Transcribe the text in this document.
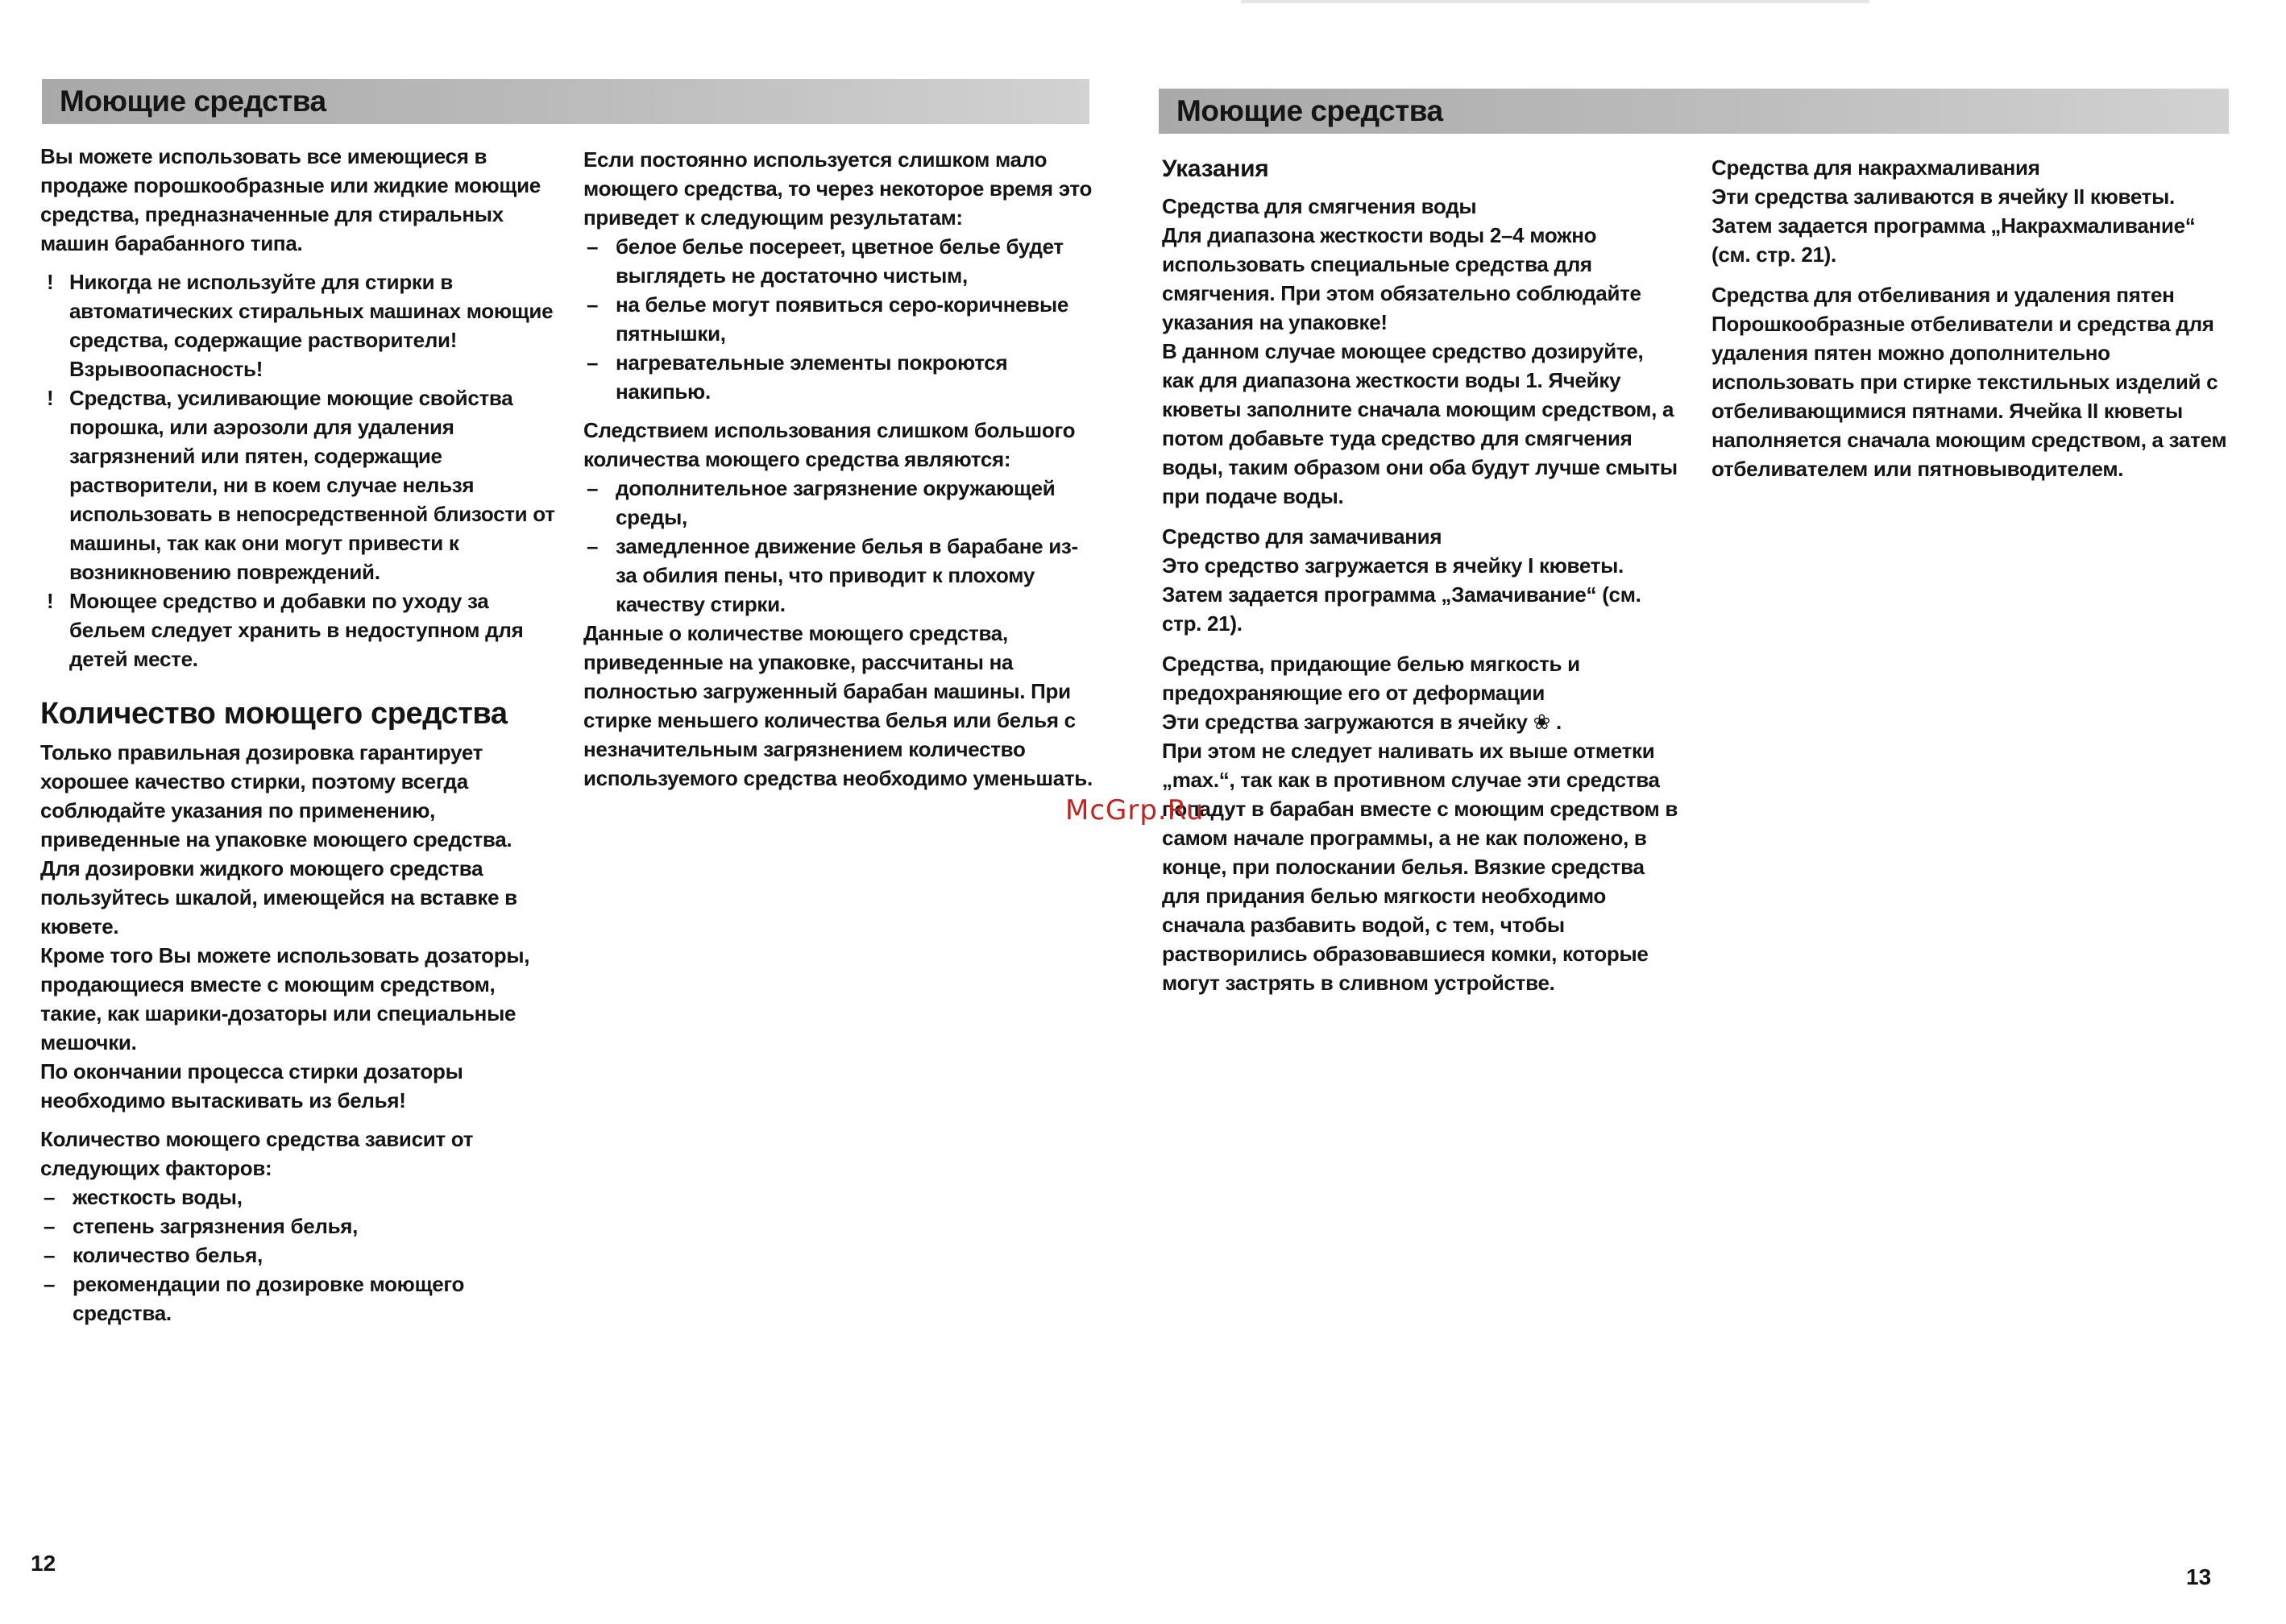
Моющие средства

Вы можете использовать все имеющиеся в продаже порошкообразные или жидкие моющие средства, предназначенные для стиральных машин барабанного типа.

! Никогда не используйте для стирки в автоматических стиральных машинах моющие средства, содержащие растворители! Взрывоопасность!

! Средства, усиливающие моющие свойства порошка, или аэрозоли для удаления загрязнений или пятен, содержащие растворители, ни в коем случае нельзя использовать в непосредственной близости от машины, так как они могут привести к возникновению повреждений.

! Моющее средство и добавки по уходу за бельем следует хранить в недоступном для детей месте.

Количество моющего средства

Только правильная дозировка гарантирует хорошее качество стирки, поэтому всегда соблюдайте указания по применению, приведенные на упаковке моющего средства.

Для дозировки жидкого моющего средства пользуйтесь шкалой, имеющейся на вставке в кювете.

Кроме того Вы можете использовать дозаторы, продающиеся вместе с моющим средством, такие, как шарики-дозаторы или специальные мешочки.

По окончании процесса стирки дозаторы необходимо вытаскивать из белья!

Количество моющего средства зависит от следующих факторов:

– жесткость воды,
– степень загрязнения белья,
– количество белья,
– рекомендации по дозировке моющего средства.

Если постоянно используется слишком мало моющего средства, то через некоторое время это приведет к следующим результатам:

– белое белье посереет, цветное белье будет выглядеть не достаточно чистым,
– на белье могут появиться серо-коричневые пятнышки,
– нагревательные элементы покроются накипью.

Следствием использования слишком большого количества моющего средства являются:

– дополнительное загрязнение окружающей среды,
– замедленное движение белья в барабане из-за обилия пены, что приводит к плохому качеству стирки.

Данные о количестве моющего средства, приведенные на упаковке, рассчитаны на полностью загруженный барабан машины. При стирке меньшего количества белья или белья с незначительным загрязнением количество используемого средства необходимо уменьшать.

12
Моющие средства
Указания
Средства для смягчения воды

Для диапазона жесткости воды 2–4 можно использовать специальные средства для смягчения. При этом обязательно соблюдайте указания на упаковке!

В данном случае моющее средство дозируйте, как для диапазона жесткости воды 1. Ячейку кюветы заполните сначала моющим средством, а потом добавьте туда средство для смягчения воды, таким образом они оба будут лучше смыты при подаче воды.

Средство для замачивания

Это средство загружается в ячейку I кюветы. Затем задается программа „Замачивание“ (см. стр. 21).

Средства, придающие белью мягкость и предохраняющие его от деформации

Эти средства загружаются в ячейку ❀ .

При этом не следует наливать их выше отметки „max.“, так как в противном случае эти средства попадут в барабан вместе с моющим средством в самом начале программы, а не как положено, в конце, при полоскании белья. Вязкие средства для придания белью мягкости необходимо сначала разбавить водой, с тем, чтобы растворились образовавшиеся комки, которые могут застрять в сливном устройстве.

Средства для накрахмаливания

Эти средства заливаются в ячейку II кюветы. Затем задается программа „Накрахмаливание“ (см. стр. 21).

Средства для отбеливания и удаления пятен

Порошкообразные отбеливатели и средства для удаления пятен можно дополнительно использовать при стирке текстильных изделий с отбеливающимися пятнами. Ячейка II кюветы наполняется сначала моющим средством, а затем отбеливателем или пятновыводителем.

13
McGrp.Ru
